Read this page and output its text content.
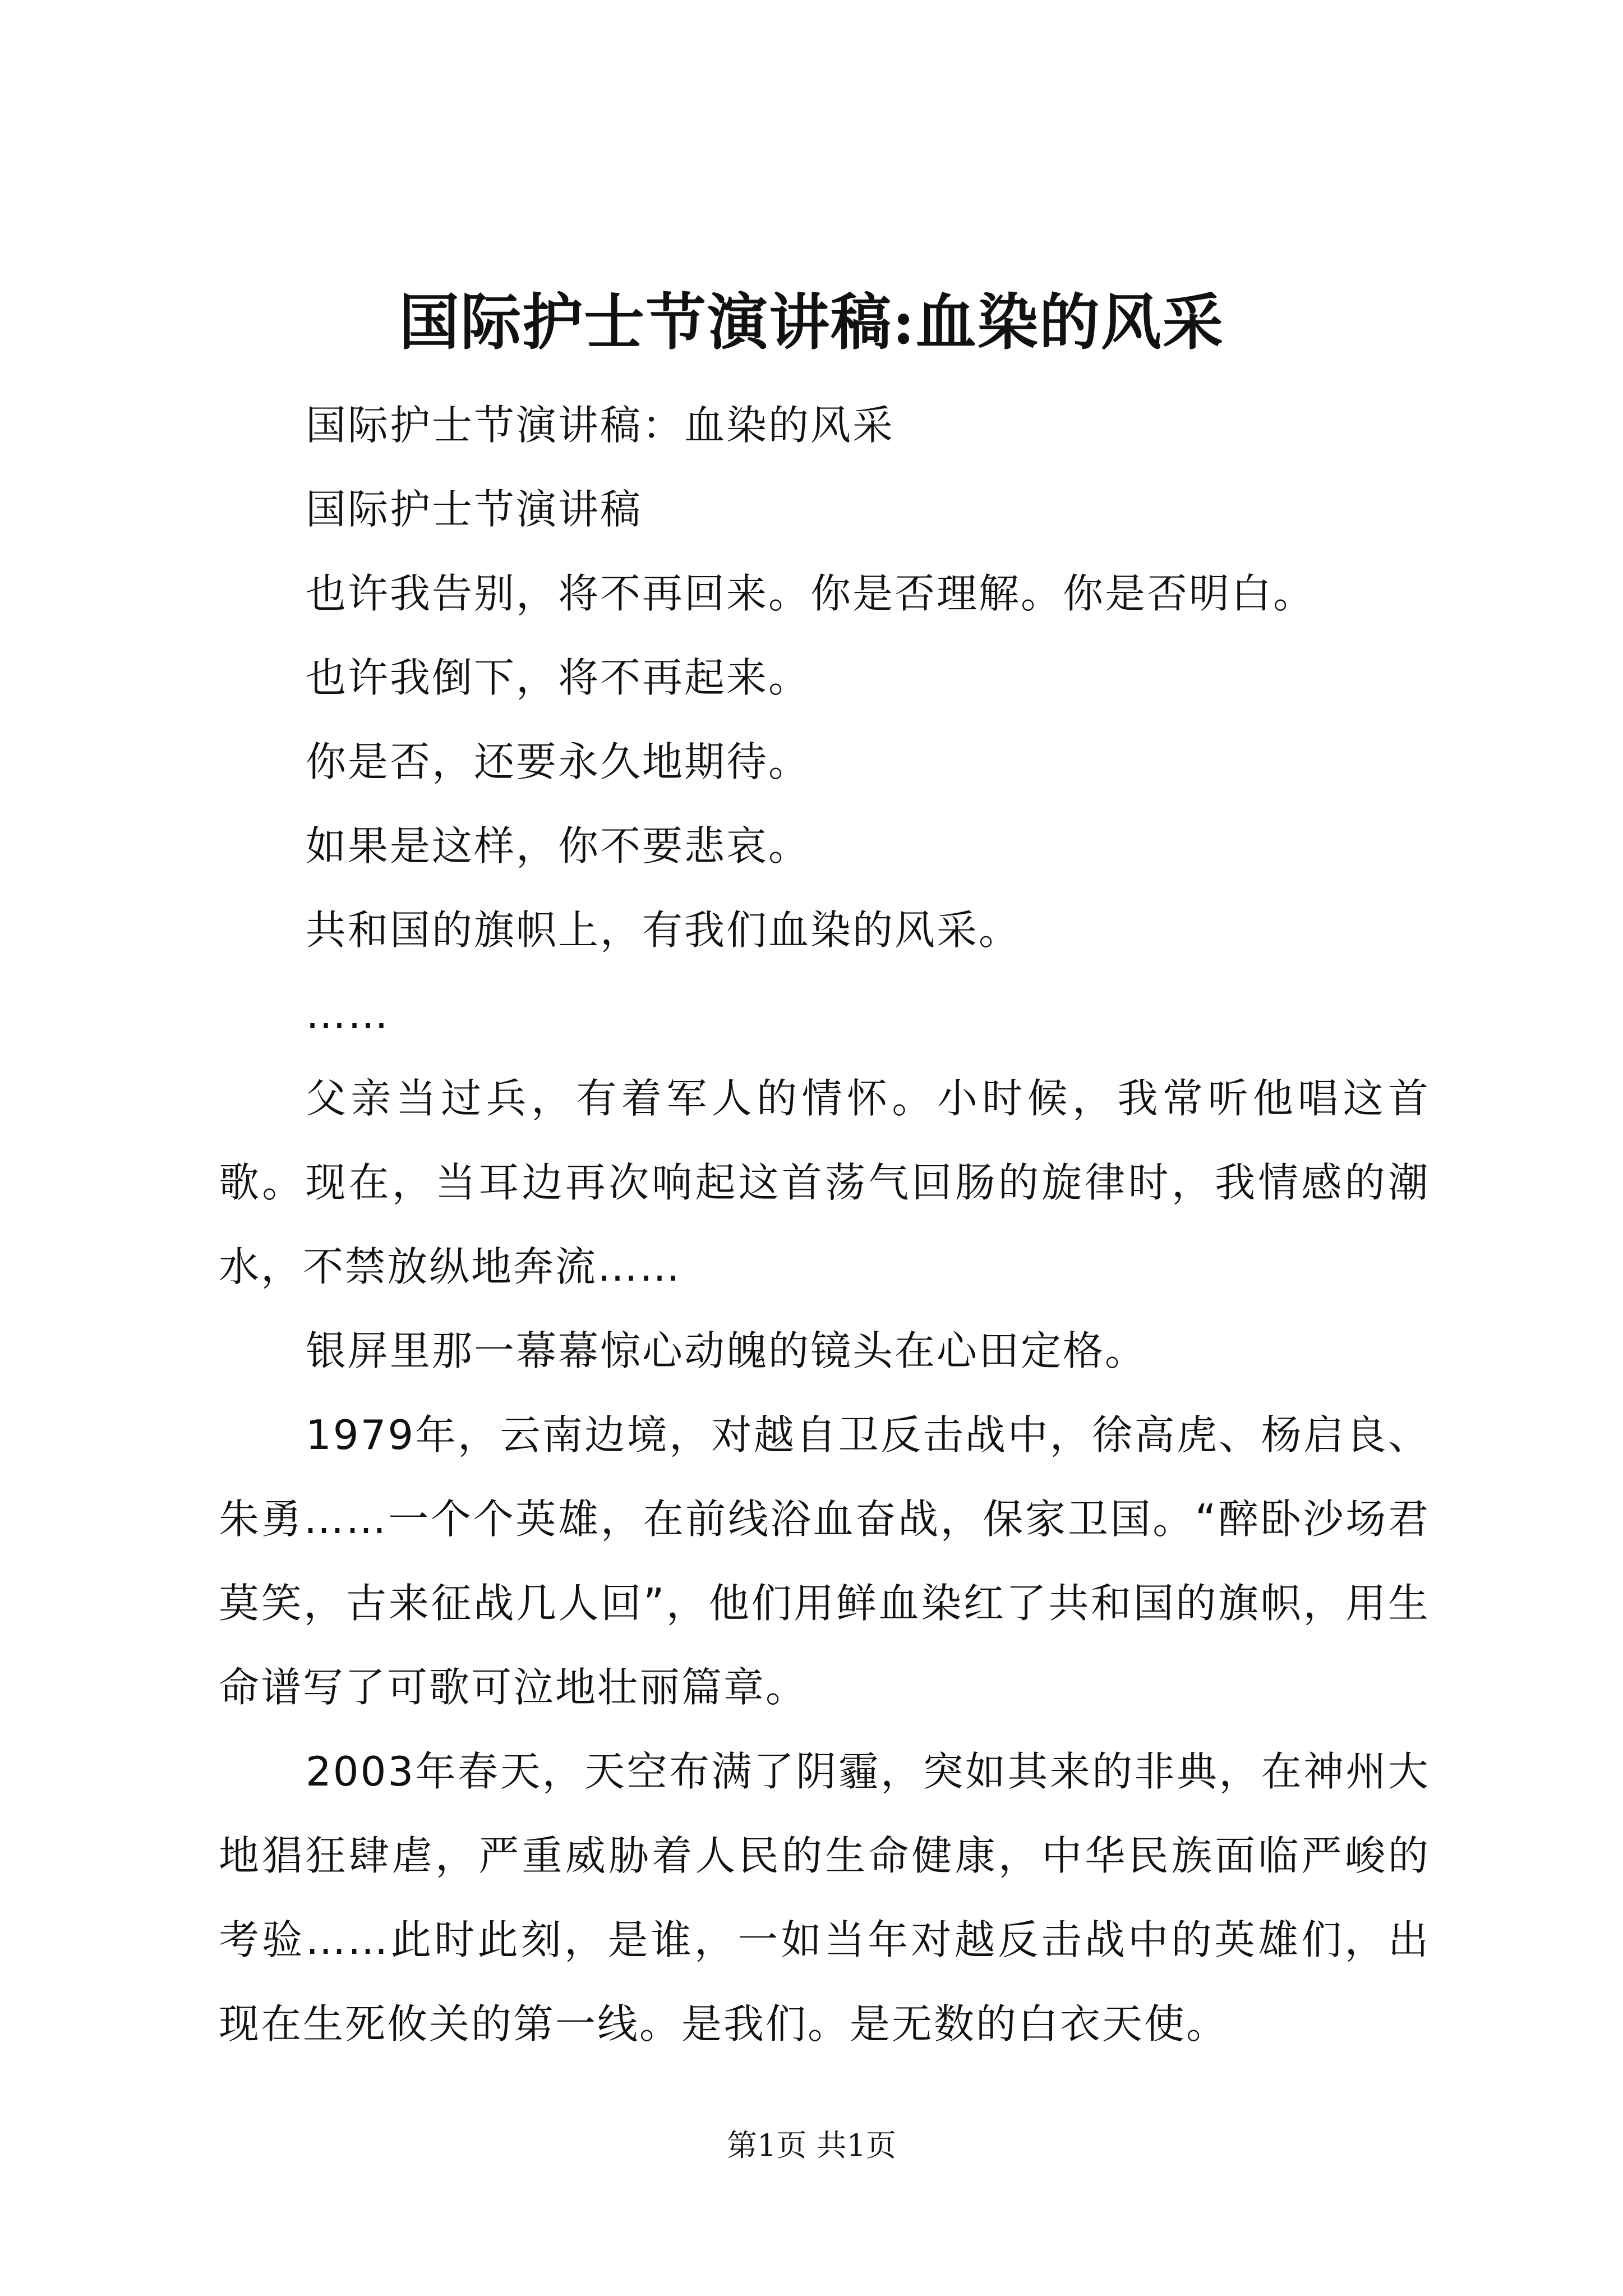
国际护士节演讲稿:血染的风采

国际护士节演讲稿：血染的风采

国际护士节演讲稿

也许我告别，将不再回来。你是否理解。你是否明白。

也许我倒下，将不再起来。

你是否，还要永久地期待。

如果是这样，你不要悲哀。

共和国的旗帜上，有我们血染的风采。

……

父亲当过兵，有着军人的情怀。小时候，我常听他唱这首歌。现在，当耳边再次响起这首荡气回肠的旋律时，我情感的潮水，不禁放纵地奔流……

银屏里那一幕幕惊心动魄的镜头在心田定格。

1979年，云南边境，对越自卫反击战中，徐高虎、杨启良、朱勇……一个个英雄，在前线浴血奋战，保家卫国。“醉卧沙场君莫笑，古来征战几人回”，他们用鲜血染红了共和国的旗帜，用生命谱写了可歌可泣地壮丽篇章。

2003年春天，天空布满了阴霾，突如其来的非典，在神州大地猖狂肆虐，严重威胁着人民的生命健康，中华民族面临严峻的考验……此时此刻，是谁，一如当年对越反击战中的英雄们，出现在生死攸关的第一线。是我们。是无数的白衣天使。

第1页 共1页
